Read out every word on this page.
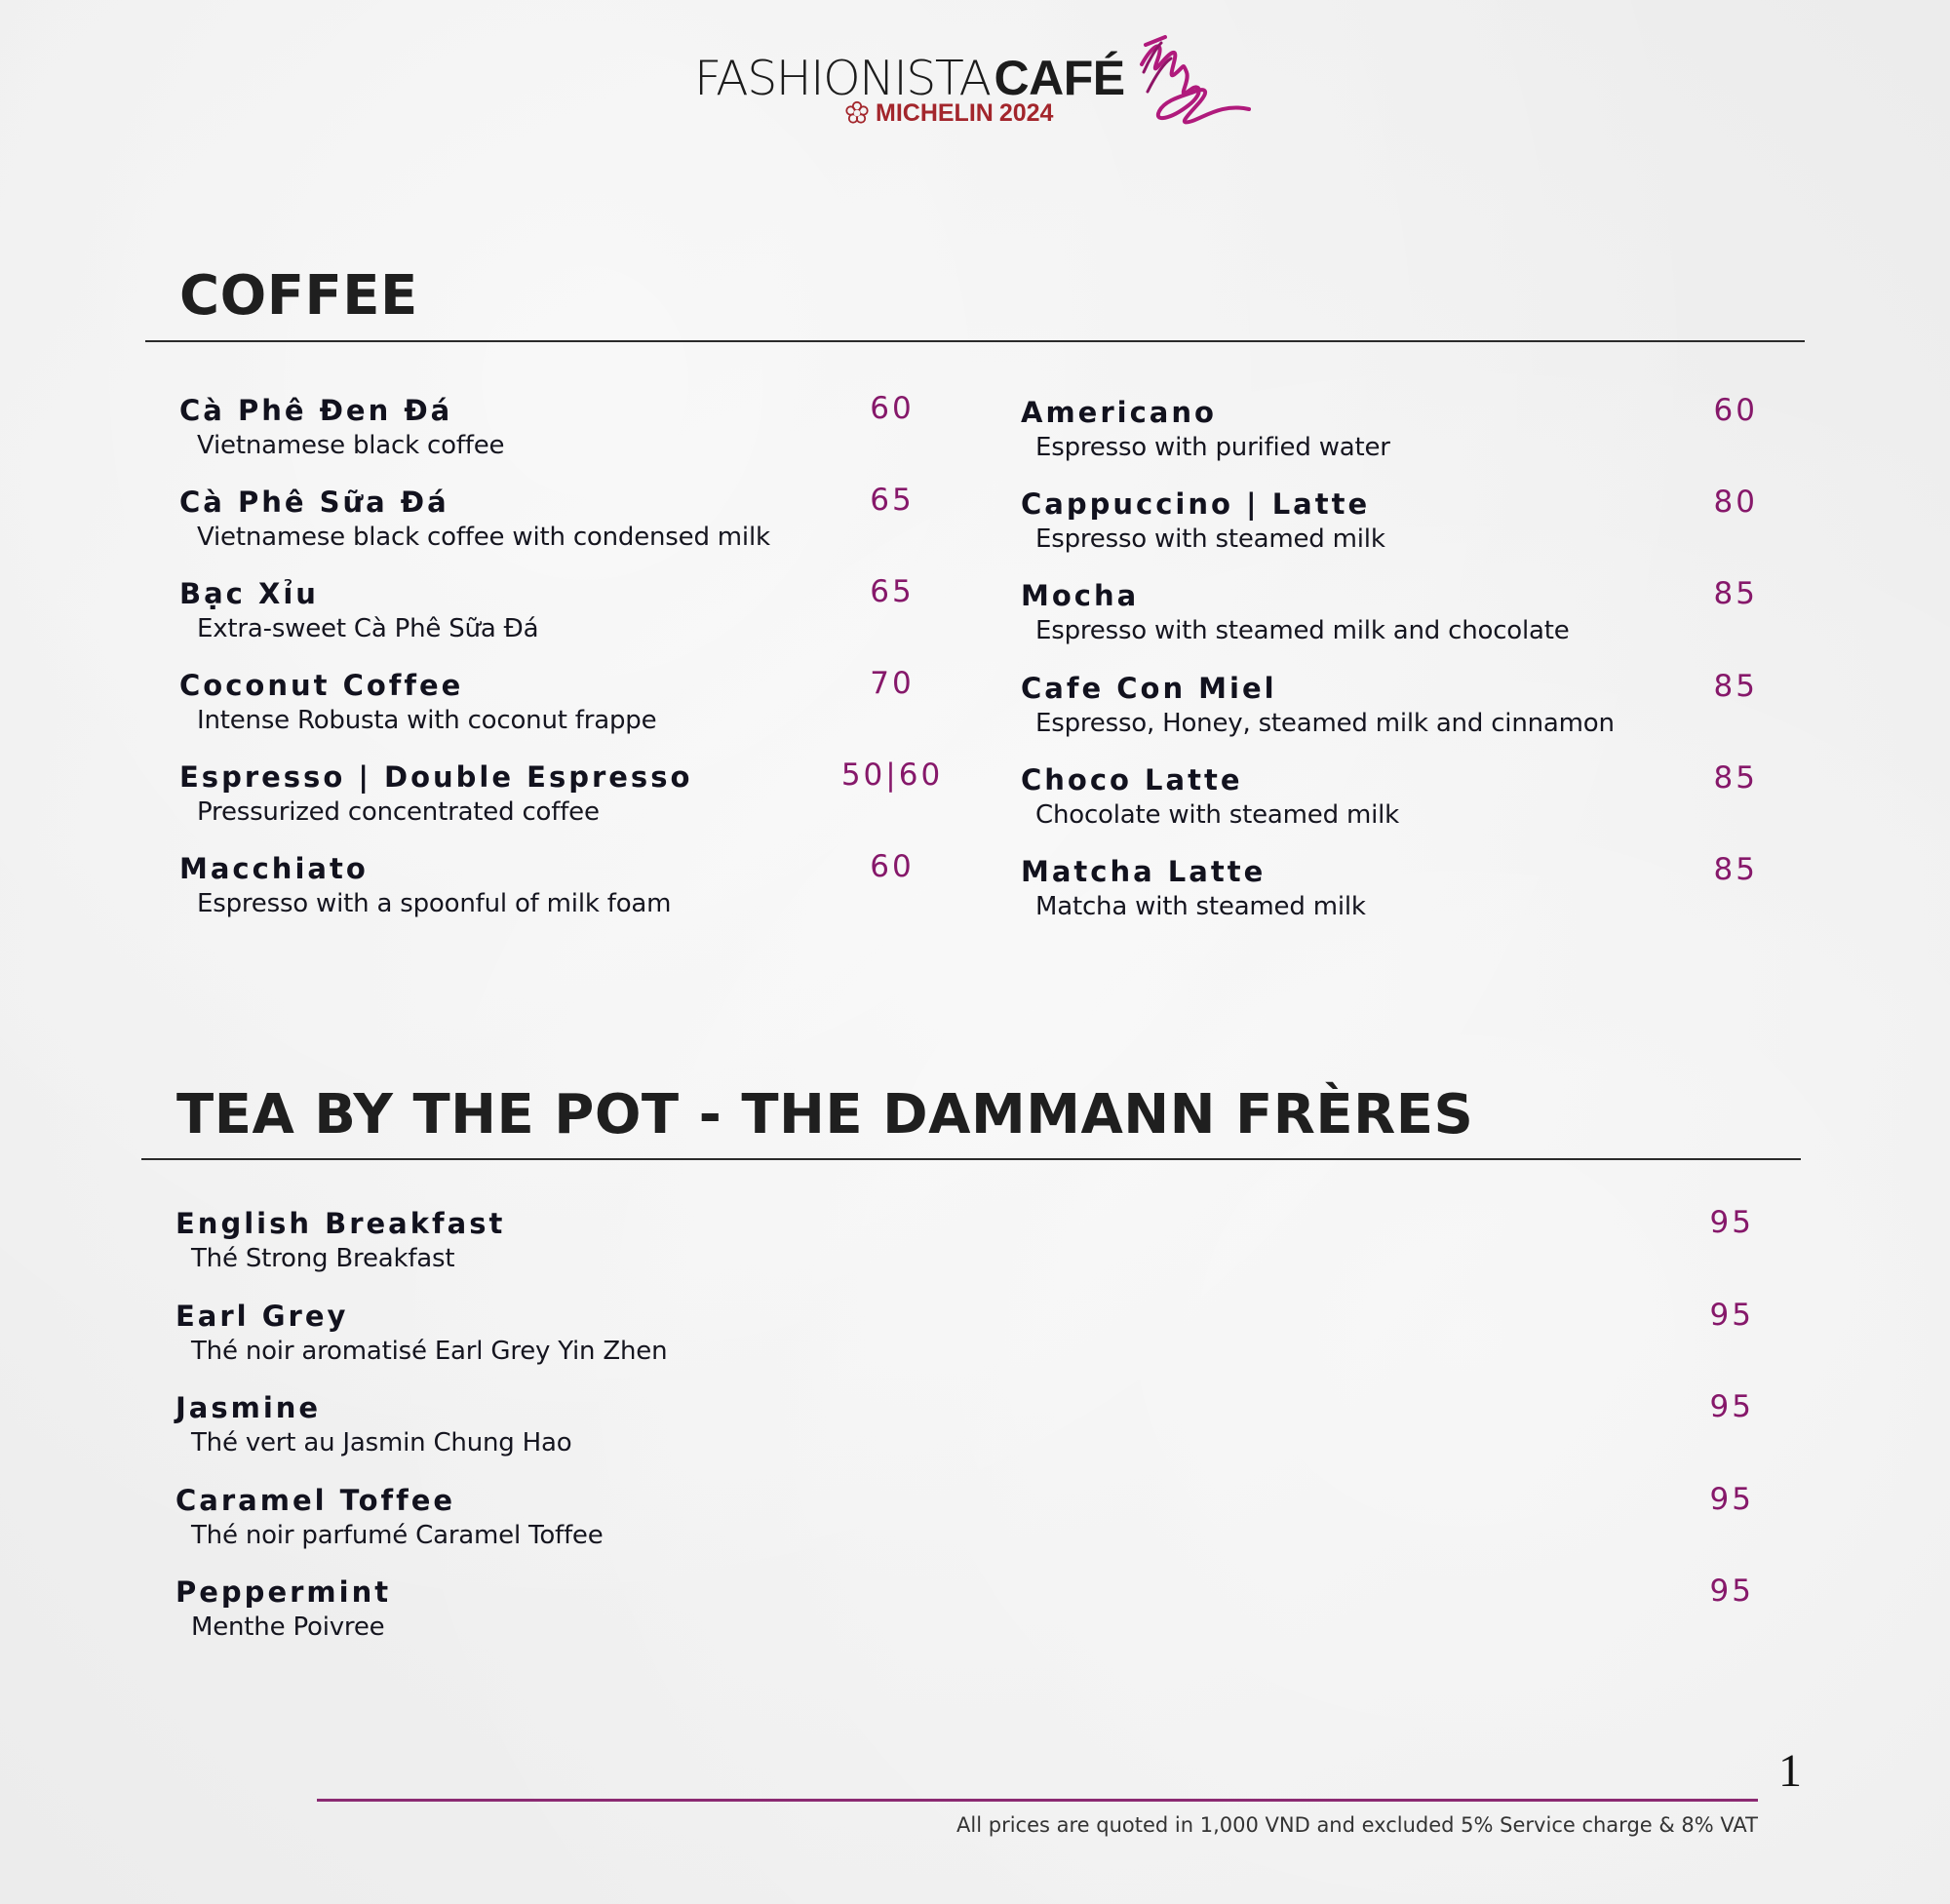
FASHIONISTACAFÉ
MICHELIN 2024
COFFEE
Cà Phê Đen Đá
Vietnamese black coffee
60
Cà Phê Sữa Đá
Vietnamese black coffee with condensed milk
65
Bạc Xỉu
Extra-sweet Cà Phê Sữa Đá
65
Coconut Coffee
Intense Robusta with coconut frappe
70
Espresso | Double Espresso
Pressurized concentrated coffee
50|60
Macchiato
Espresso with a spoonful of milk foam
60
Americano
Espresso with purified water
60
Cappuccino | Latte
Espresso with steamed milk
80
Mocha
Espresso with steamed milk and chocolate
85
Cafe Con Miel
Espresso, Honey, steamed milk and cinnamon
85
Choco Latte
Chocolate with steamed milk
85
Matcha Latte
Matcha with steamed milk
85
TEA BY THE POT - THE DAMMANN FRÈRES
English Breakfast
Thé Strong Breakfast
95
Earl Grey
Thé noir aromatisé Earl Grey Yin Zhen
95
Jasmine
Thé vert au Jasmin Chung Hao
95
Caramel Toffee
Thé noir parfumé Caramel Toffee
95
Peppermint
Menthe Poivree
95
1
All prices are quoted in 1,000 VND and excluded 5% Service charge & 8% VAT
